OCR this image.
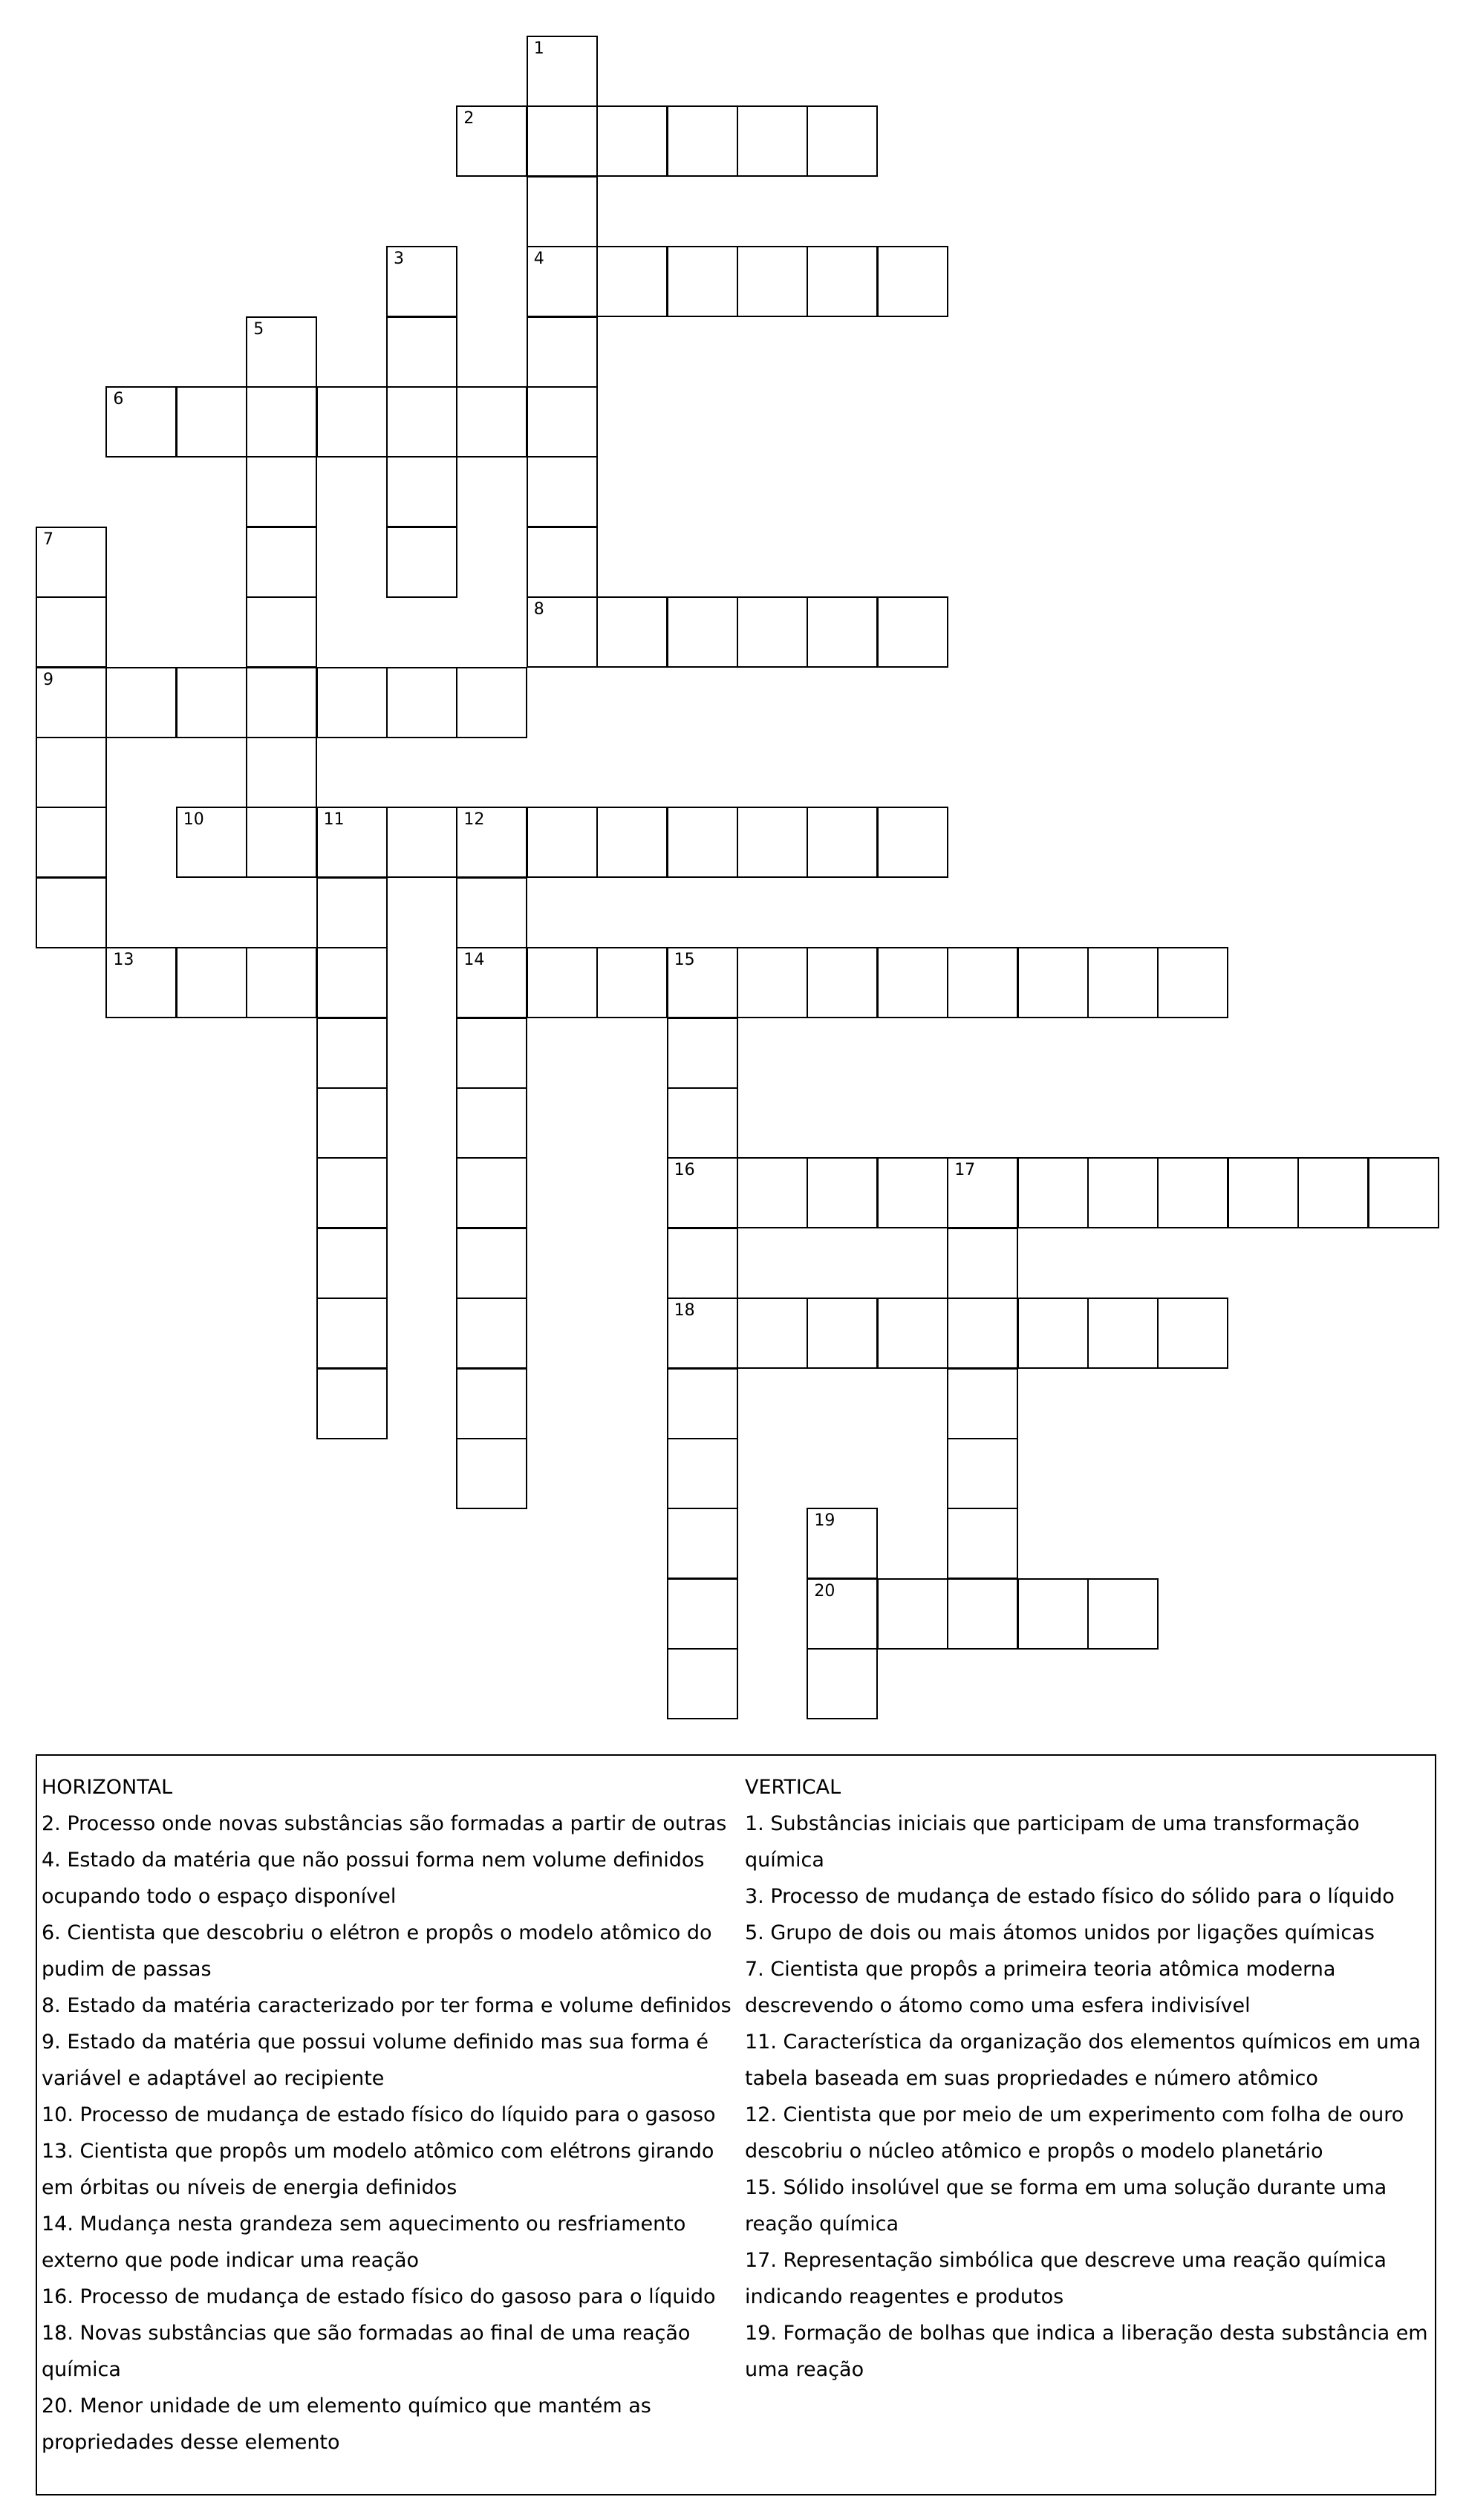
1
4
2
3
5
6
7
9
8
10	11	12
14
13	15
16
18
17
19
20

HORIZONTAL

2. Processo onde novas substâncias são formadas a partir de outras

4. Estado da matéria que não possui forma nem volume definidos ocupando todo o espaço disponível

6. Cientista que descobriu o elétron e propôs o modelo atômico do pudim de passas

8. Estado da matéria caracterizado por ter forma e volume definidos

9. Estado da matéria que possui volume definido mas sua forma é variável e adaptável ao recipiente

10. Processo de mudança de estado físico do líquido para o gasoso

13. Cientista que propôs um modelo atômico com elétrons girando em órbitas ou níveis de energia definidos

14. Mudança nesta grandeza sem aquecimento ou resfriamento externo que pode indicar uma reação

16. Processo de mudança de estado físico do gasoso para o líquido

18. Novas substâncias que são formadas ao final de uma reação química

20. Menor unidade de um elemento químico que mantém as propriedades desse elemento

VERTICAL

1. Substâncias iniciais que participam de uma transformação química

3. Processo de mudança de estado físico do sólido para o líquido

5. Grupo de dois ou mais átomos unidos por ligações químicas

7. Cientista que propôs a primeira teoria atômica moderna descrevendo o átomo como uma esfera indivisível

11. Característica da organização dos elementos químicos em uma tabela baseada em suas propriedades e número atômico

12. Cientista que por meio de um experimento com folha de ouro descobriu o núcleo atômico e propôs o modelo planetário

15. Sólido insolúvel que se forma em uma solução durante uma reação química

17. Representação simbólica que descreve uma reação química indicando reagentes e produtos

19. Formação de bolhas que indica a liberação desta substância em uma reação
